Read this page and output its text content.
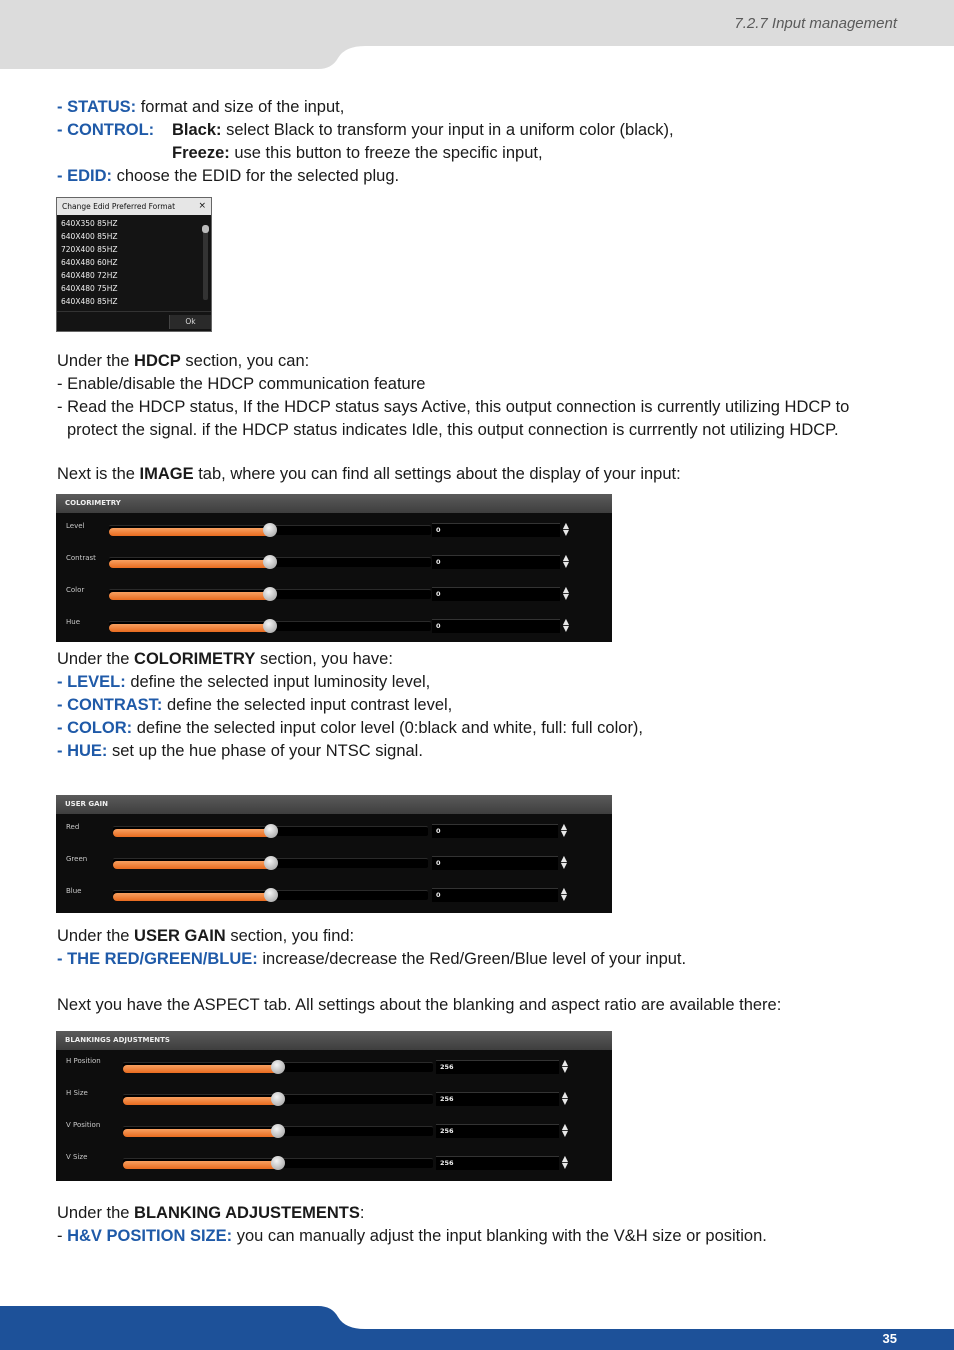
7.2.7 Input management
- STATUS: format and size of the input,
- CONTROL: Black: select Black to transform your input in a uniform color (black),
Freeze: use this button to freeze the specific input,
- EDID: choose the EDID for the selected plug.
Change Edid Preferred Format	×
640X350 85HZ
640X400 85HZ
720X400 85HZ
640X480 60HZ
640X480 72HZ
640X480 75HZ
640X480 85HZ
Ok
Under the HDCP section, you can:
- Enable/disable the HDCP communication feature
- Read the HDCP status, If the HDCP status says Active, this output connection is currently utilizing HDCP to
protect the signal. if the HDCP status indicates Idle, this output connection is currrently not utilizing HDCP.
Next is the IMAGE tab, where you can find all settings about the display of your input:
COLORIMETRY
Level	0	▲
▼
Contrast	0	▲
▼
Color	0	▲
▼
Hue	0	▲
▼
Under the COLORIMETRY section, you have:
- LEVEL: define the selected input luminosity level,
- CONTRAST: define the selected input contrast level,
- COLOR: define the selected input color level (0:black and white, full: full color),
- HUE: set up the hue phase of your NTSC signal.
USER GAIN
Red	0	▲
▼
Green	0	▲
▼
Blue	0	▲
▼
Under the USER GAIN section, you find:
- THE RED/GREEN/BLUE: increase/decrease the Red/Green/Blue level of your input.
Next you have the ASPECT tab. All settings about the blanking and aspect ratio are available there:
BLANKINGS ADJUSTMENTS
H Position
256	▲
▼
H Size
256	▲
▼
V Position
256	▲
▼
V Size
256	▲
▼
Under the BLANKING ADJUSTEMENTS:
- H&V POSITION SIZE: you can manually adjust the input blanking with the V&H size or position.
35
